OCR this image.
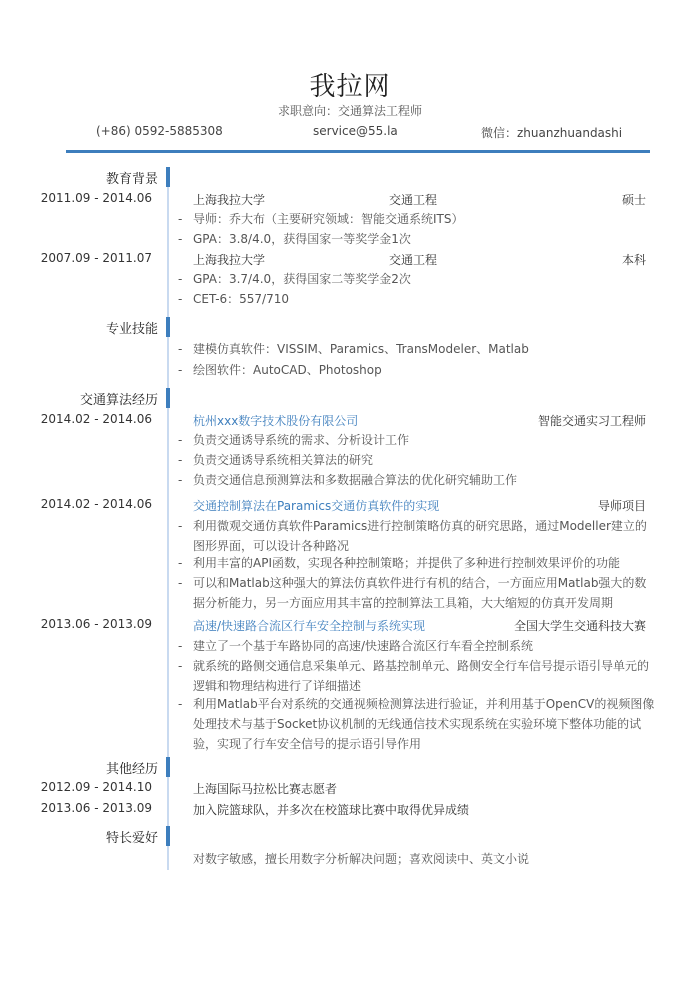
我拉网
求职意向：交通算法工程师
(+86) 0592-5885308	service@55.la	微信：zhuanzhuandashi
教育背景
2011.09 - 2014.06	上海我拉大学	交通工程	硕士
- 导师：乔大布（主要研究领域：智能交通系统ITS）
- GPA：3.8/4.0，获得国家一等奖学金1次
2007.09 - 2011.07	上海我拉大学	交通工程	本科
- GPA：3.7/4.0，获得国家二等奖学金2次
- CET-6：557/710
专业技能
- 建模仿真软件：VISSIM、Paramics、TransModeler、Matlab
- 绘图软件：AutoCAD、Photoshop
交通算法经历
2014.02 - 2014.06	杭州xxx数字技术股份有限公司	智能交通实习工程师
- 负责交通诱导系统的需求、分析设计工作
- 负责交通诱导系统相关算法的研究
- 负责交通信息预测算法和多数据融合算法的优化研究辅助工作
2014.02 - 2014.06	交通控制算法在Paramics交通仿真软件的实现	导师项目
- 利用微观交通仿真软件Paramics进行控制策略仿真的研究思路，通过Modeller建立的图形界面，可以设计各种路况
- 利用丰富的API函数，实现各种控制策略；并提供了多种进行控制效果评价的功能
- 可以和Matlab这种强大的算法仿真软件进行有机的结合，一方面应用Matlab强大的数据分析能力，另一方面应用其丰富的控制算法工具箱，大大缩短的仿真开发周期
2013.06 - 2013.09	高速/快速路合流区行车安全控制与系统实现	全国大学生交通科技大赛
- 建立了一个基于车路协同的高速/快速路合流区行车看全控制系统
- 就系统的路侧交通信息采集单元、路基控制单元、路侧安全行车信号提示语引导单元的逻辑和物理结构进行了详细描述
- 利用Matlab平台对系统的交通视频检测算法进行验证，并利用基于OpenCV的视频图像处理技术与基于Socket协议机制的无线通信技术实现系统在实验环境下整体功能的试验，实现了行车安全信号的提示语引导作用
其他经历
2012.09 - 2014.10	上海国际马拉松比赛志愿者
2013.06 - 2013.09	加入院篮球队，并多次在校篮球比赛中取得优异成绩
特长爱好
对数字敏感，擅长用数字分析解决问题；喜欢阅读中、英文小说
